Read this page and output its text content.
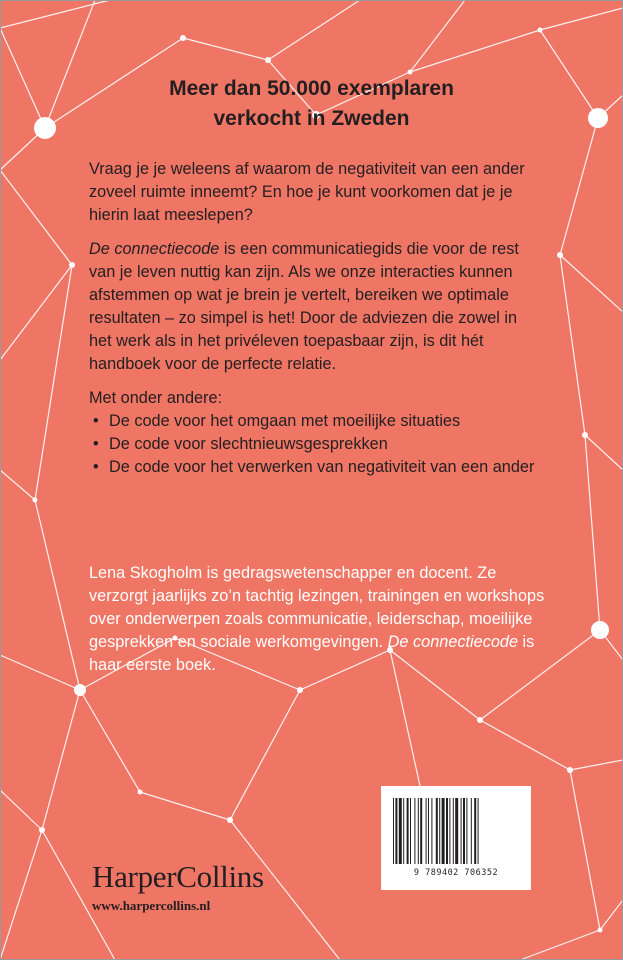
Meer dan 50.000 exemplaren
verkocht in Zweden

Vraag je je weleens af waarom de negativiteit van een ander zoveel ruimte inneemt? En hoe je kunt voorkomen dat je je hierin laat meeslepen?

De connectiecode is een communicatiegids die voor de rest van je leven nuttig kan zijn. Als we onze interacties kunnen afstemmen op wat je brein je vertelt, bereiken we optimale resultaten – zo simpel is het! Door de adviezen die zowel in het werk als in het privéleven toepasbaar zijn, is dit hét handboek voor de perfecte relatie.

Met onder andere:
• De code voor het omgaan met moeilijke situaties
• De code voor slechtnieuwsgesprekken
• De code voor het verwerken van negativiteit van een ander
Lena Skogholm is gedragswetenschapper en docent. Ze verzorgt jaarlijks zo’n tachtig lezingen, trainingen en workshops over onderwerpen zoals communicatie, leiderschap, moeilijke gesprekken en sociale werkomgevingen. De connectiecode is haar eerste boek.
HarperCollins
www.harpercollins.nl
9 789402 706352
